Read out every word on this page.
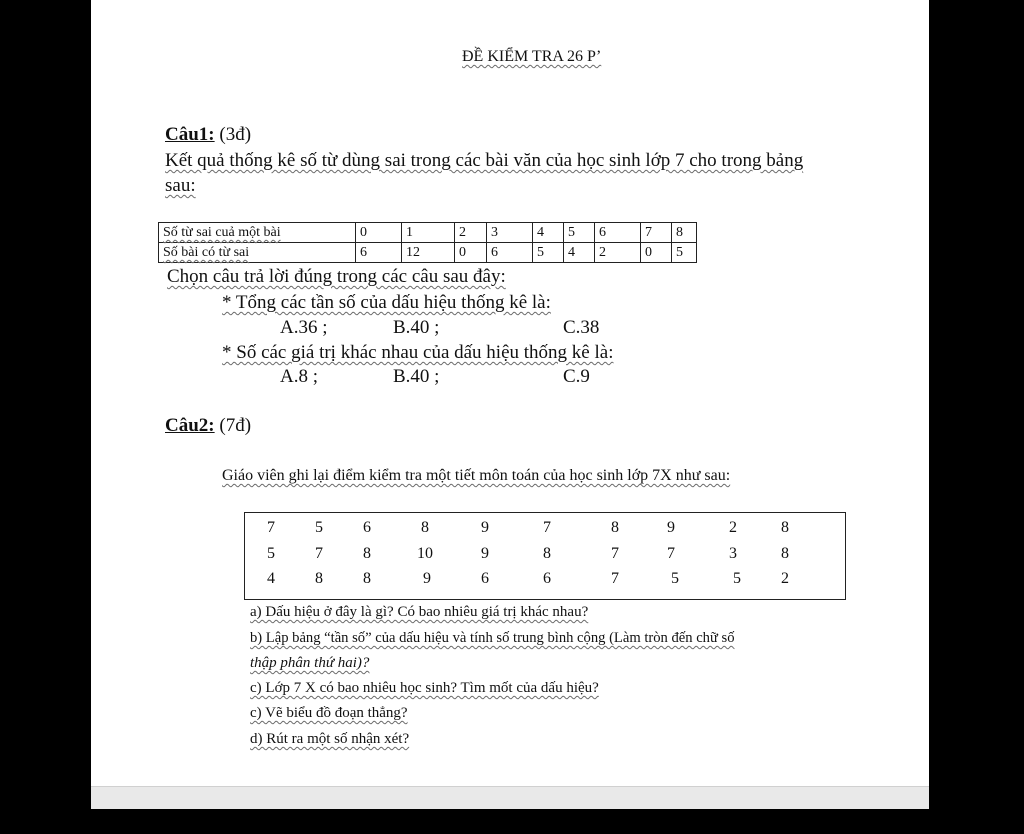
ĐỀ KIỂM TRA 26 P’
Câu1: (3đ)
Kết quả thống kê số từ dùng sai trong các bài văn của học sinh lớp 7 cho trong bảng
sau:
Số từ sai cuả một bài	0	1	2	3	4	5	6	7	8
Số bài có từ sai	6	12	0	6	5	4	2	0	5
Chọn câu trả lời đúng trong các câu sau đây:
* Tổng các tần số của dấu hiệu thống kê là:
A.36 ;	B.40 ;	C.38
* Số các giá trị khác nhau của dấu hiệu thống kê là:
A.8 ;	B.40 ;	C.9
Câu2: (7đ)
Giáo viên ghi lại điểm kiểm tra một tiết môn toán của học sinh lớp 7X như sau:
7	5	6	8	9	7	8	9	2	8
5	7	8	10	9	8	7	7	3	8
4	8	8	9	6	6	7	5	5	2
a) Dấu hiệu ở đây là gì? Có bao nhiêu giá trị khác nhau?
b) Lập bảng “tần số” của dấu hiệu và tính số trung bình cộng (Làm tròn đến chữ số
thập phân thứ hai)?
c) Lớp 7 X có bao nhiêu học sinh? Tìm mốt của dấu hiệu?
c) Vẽ biểu đồ đoạn thẳng?
d) Rút ra một số nhận xét?
